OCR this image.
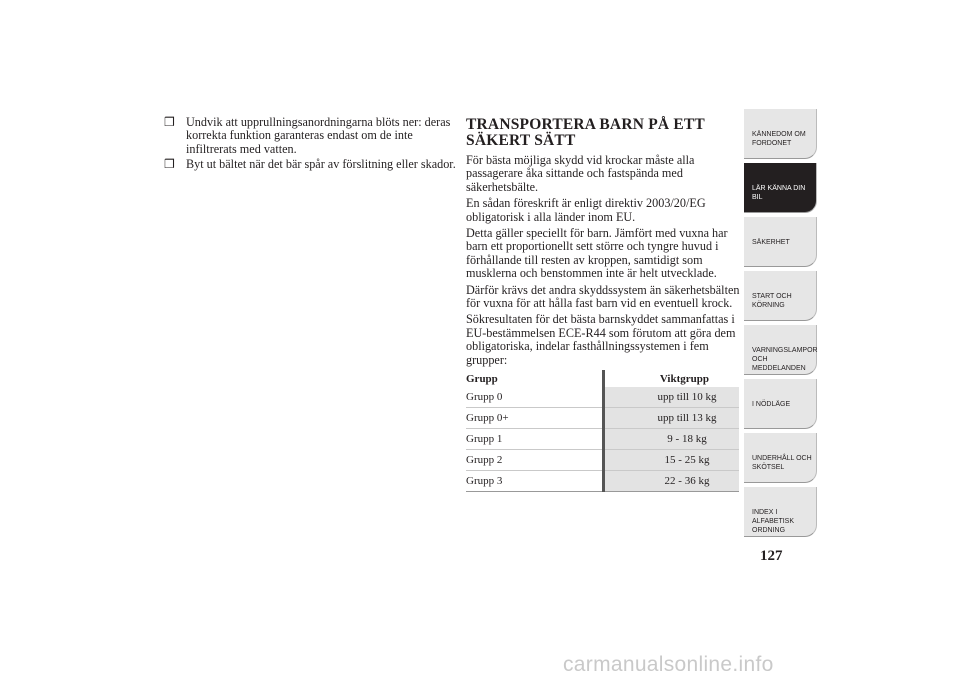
❒ Undvik att upprullningsanordningarna blöts ner: deras korrekta funktion garanteras endast om de inte infiltrerats med vatten.
❒ Byt ut bältet när det bär spår av förslitning eller skador.
TRANSPORTERA BARN PÅ ETT
SÄKERT SÄTT

För bästa möjliga skydd vid krockar måste alla passagerare åka sittande och fastspända med säkerhetsbälte.

En sådan föreskrift är enligt direktiv 2003/20/EG obligatorisk i alla länder inom EU.

Detta gäller speciellt för barn. Jämfört med vuxna har barn ett proportionellt sett större och tyngre huvud i förhållande till resten av kroppen, samtidigt som musklerna och benstommen inte är helt utvecklade.

Därför krävs det andra skyddssystem än säkerhetsbälten för vuxna för att hålla fast barn vid en eventuell krock.

Sökresultaten för det bästa barnskyddet sammanfattas i EU-bestämmelsen ECE-R44 som förutom att göra dem obligatoriska, indelar fasthållningssystemen i fem grupper:

Grupp	Viktgrupp
Grupp 0	upp till 10 kg
Grupp 0+	upp till 13 kg
Grupp 1	9 - 18 kg
Grupp 2	15 - 25 kg
Grupp 3	22 - 36 kg
KÄNNEDOM OM FORDONET
LÄR KÄNNA DIN BIL
SÄKERHET
START OCH KÖRNING
VARNINGSLAMPOR OCH MEDDELANDEN
I NÖDLÄGE
UNDERHÅLL OCH SKÖTSEL
INDEX I ALFABETISK ORDNING
127
carmanualsonline.info
